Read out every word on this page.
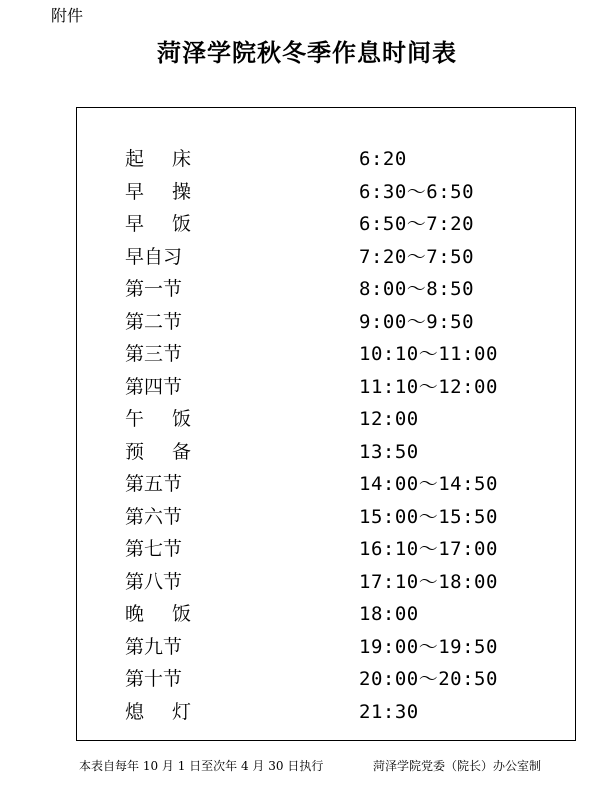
附件
菏泽学院秋冬季作息时间表
起 床	6:20
早 操	6:30～6:50
早 饭	6:50～7:20
早自习	7:20～7:50
第一节	8:00～8:50
第二节	9:00～9:50
第三节	10:10～11:00
第四节	11:10～12:00
午 饭	12:00
预 备	13:50
第五节	14:00～14:50
第六节	15:00～15:50
第七节	16:10～17:00
第八节	17:10～18:00
晚 饭	18:00
第九节	19:00～19:50
第十节	20:00～20:50
熄 灯	21:30
本表自每年 10 月 1 日至次年 4 月 30 日执行	菏泽学院党委（院长）办公室制
